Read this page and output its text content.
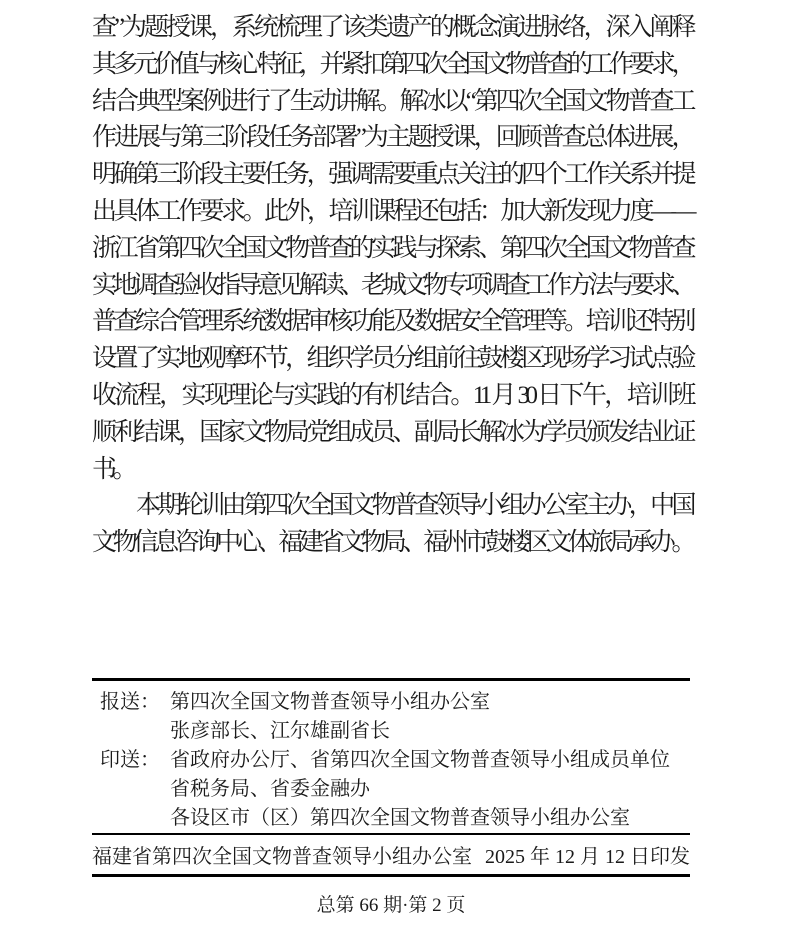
查”为题授课，系统梳理了该类遗产的概念演进脉络，深入阐释
其多元价值与核心特征，并紧扣第四次全国文物普查的工作要求，
结合典型案例进行了生动讲解。解冰以“第四次全国文物普查工
作进展与第三阶段任务部署”为主题授课，回顾普查总体进展，
明确第三阶段主要任务，强调需要重点关注的四个工作关系并提
出具体工作要求。此外，培训课程还包括：加大新发现力度——
浙江省第四次全国文物普查的实践与探索、第四次全国文物普查
实地调查验收指导意见解读、老城文物专项调查工作方法与要求、
普查综合管理系统数据审核功能及数据安全管理等。培训还特别
设置了实地观摩环节，组织学员分组前往鼓楼区现场学习试点验
收流程，实现理论与实践的有机结合。11 月 30 日下午，培训班
顺利结课，国家文物局党组成员、副局长解冰为学员颁发结业证
书。
本期轮训由第四次全国文物普查领导小组办公室主办，中国
文物信息咨询中心、福建省文物局、福州市鼓楼区文体旅局承办。
报送： 第四次全国文物普查领导小组办公室
张彦部长、江尔雄副省长
印送： 省政府办公厅、省第四次全国文物普查领导小组成员单位
省税务局、省委金融办
各设区市（区）第四次全国文物普查领导小组办公室
福建省第四次全国文物普查领导小组办公室 2025 年 12 月 12 日印发
总第 66 期·第 2 页
